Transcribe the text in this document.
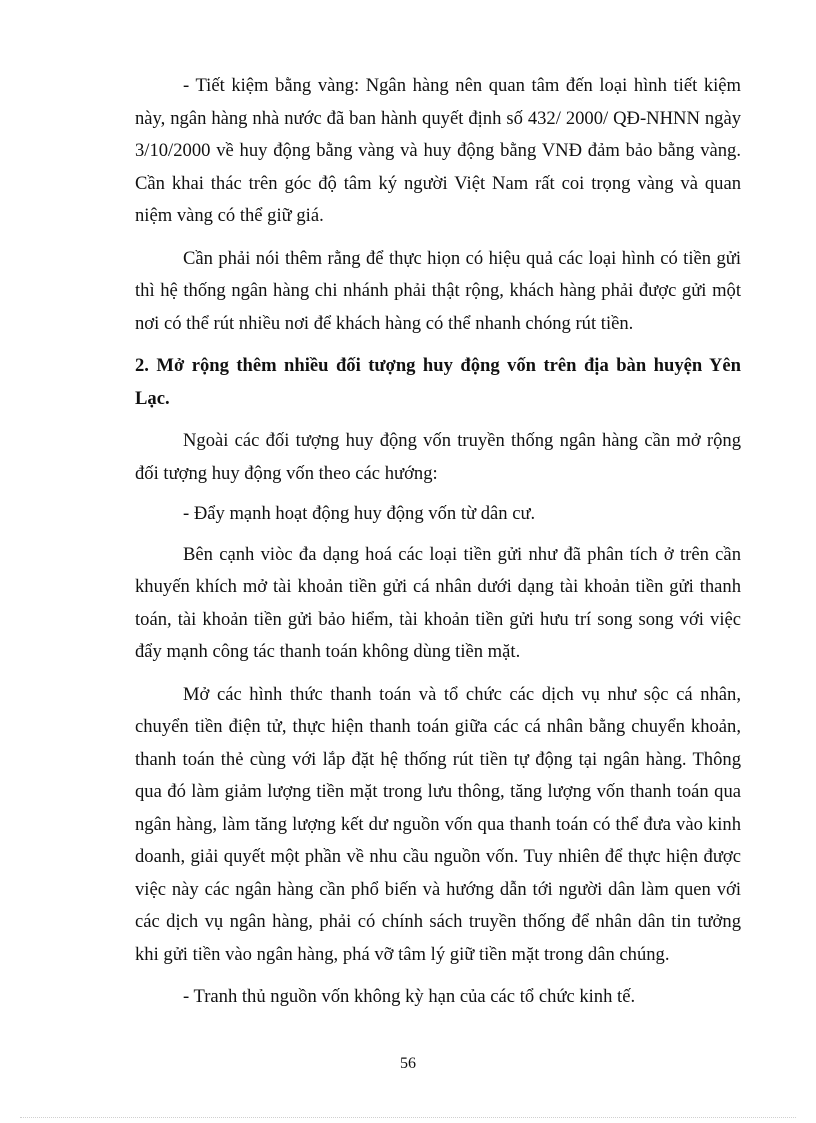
- Tiết kiệm bằng vàng: Ngân hàng nên quan tâm đến loại hình tiết kiệm này, ngân hàng nhà nước đã ban hành quyết định số 432/ 2000/ QĐ-NHNN ngày 3/10/2000 về huy động bằng vàng và huy động bằng VNĐ đảm bảo bằng vàng. Cần khai thác trên góc độ tâm ký người Việt Nam rất coi trọng vàng và quan niệm vàng có thể giữ giá.

Cần phải nói thêm rằng để thực hiọn có hiệu quả các loại hình có tiền gửi thì hệ thống ngân hàng chi nhánh phải thật rộng, khách hàng phải được gửi một nơi có thể rút nhiều nơi để khách hàng có thể nhanh chóng rút tiền.

2. Mở rộng thêm nhiều đối tượng huy động vốn trên địa bàn huyện Yên Lạc.

Ngoài các đối tượng huy động vốn truyền thống ngân hàng cần mở rộng đối tượng huy động vốn theo các hướng:

- Đẩy mạnh hoạt động huy động vốn từ dân cư.

Bên cạnh viòc đa dạng hoá các loại tiền gửi như đã phân tích ở trên cần khuyến khích mở tài khoản tiền gửi cá nhân dưới dạng tài khoản tiền gửi thanh toán, tài khoản tiền gửi bảo hiểm, tài khoản tiền gửi hưu trí song song với việc đẩy mạnh công tác thanh toán không dùng tiền mặt.

Mở các hình thức thanh toán và tổ chức các dịch vụ như sộc cá nhân, chuyển tiền điện tử, thực hiện thanh toán giữa các cá nhân bằng chuyển khoản, thanh toán thẻ cùng với lắp đặt hệ thống rút tiền tự động tại ngân hàng. Thông qua đó làm giảm lượng tiền mặt trong lưu thông, tăng lượng vốn thanh toán qua ngân hàng, làm tăng lượng kết dư nguồn vốn qua thanh toán có thể đưa vào kinh doanh, giải quyết một phần về nhu cầu nguồn vốn. Tuy nhiên để thực hiện được việc này các ngân hàng cần phổ biến và hướng dẫn tới người dân làm quen với các dịch vụ ngân hàng, phải có chính sách truyền thống để nhân dân tin tưởng khi gửi tiền vào ngân hàng, phá vỡ tâm lý giữ tiền mặt trong dân chúng.

- Tranh thủ nguồn vốn không kỳ hạn của các tổ chức kinh tế.

56
